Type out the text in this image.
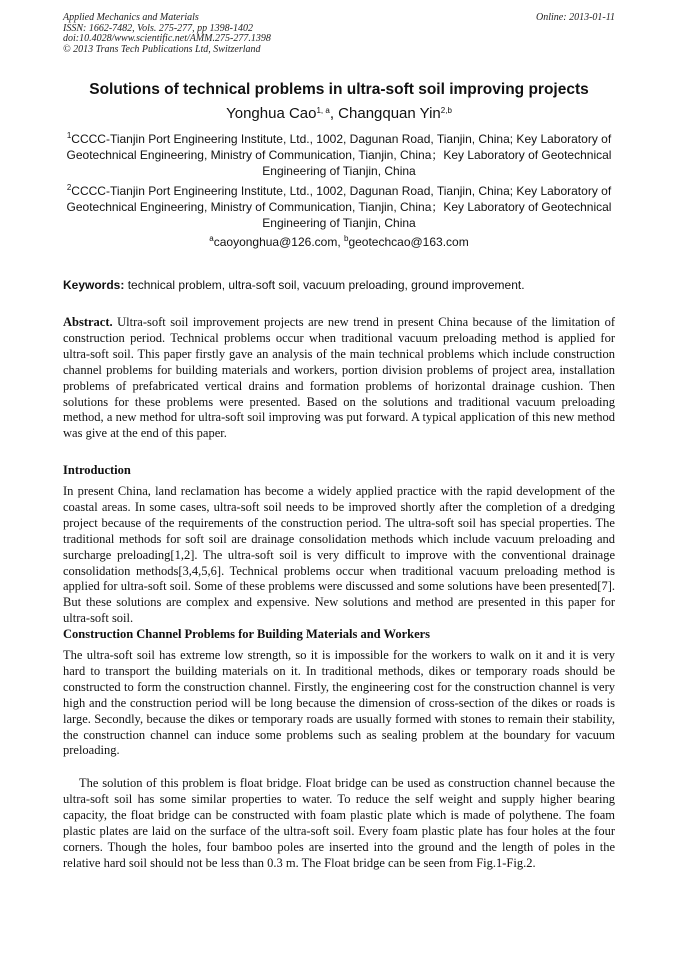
Applied Mechanics and Materials
ISSN: 1662-7482, Vols. 275-277, pp 1398-1402
doi:10.4028/www.scientific.net/AMM.275-277.1398
© 2013 Trans Tech Publications Ltd, Switzerland
Online: 2013-01-11
Solutions of technical problems in ultra-soft soil improving projects
Yonghua Cao$^{1, a}$, Changquan Yin$^{2,b}$
$^1$CCCC-Tianjin Port Engineering Institute, Ltd., 1002, Dagunan Road, Tianjin, China; Key Laboratory of Geotechnical Engineering, Ministry of Communication, Tianjin, China；Key Laboratory of Geotechnical Engineering of Tianjin, China
$^2$CCCC-Tianjin Port Engineering Institute, Ltd., 1002, Dagunan Road, Tianjin, China; Key Laboratory of Geotechnical Engineering, Ministry of Communication, Tianjin, China；Key Laboratory of Geotechnical Engineering of Tianjin, China
$^a$caoyonghua@126.com, $^b$geotechcao@163.com
Keywords: technical problem, ultra-soft soil, vacuum preloading, ground improvement.
Abstract. Ultra-soft soil improvement projects are new trend in present China because of the limitation of construction period. Technical problems occur when traditional vacuum preloading method is applied for ultra-soft soil. This paper firstly gave an analysis of the main technical problems which include construction channel problems for building materials and workers, portion division problems of project area, installation problems of prefabricated vertical drains and formation problems of horizontal drainage cushion. Then solutions for these problems were presented. Based on the solutions and traditional vacuum preloading method, a new method for ultra-soft soil improving was put forward. A typical application of this new method was give at the end of this paper.
Introduction

In present China, land reclamation has become a widely applied practice with the rapid development of the coastal areas. In some cases, ultra-soft soil needs to be improved shortly after the completion of a dredging project because of the requirements of the construction period. The ultra-soft soil has special properties. The traditional methods for soft soil are drainage consolidation methods which include vacuum preloading and surcharge preloading[1,2]. The ultra-soft soil is very difficult to improve with the conventional drainage consolidation methods[3,4,5,6]. Technical problems occur when traditional vacuum preloading method is applied for ultra-soft soil. Some of these problems were discussed and some solutions have been presented[7]. But these solutions are complex and expensive. New solutions and method are presented in this paper for ultra-soft soil.

Construction Channel Problems for Building Materials and Workers

The ultra-soft soil has extreme low strength, so it is impossible for the workers to walk on it and it is very hard to transport the building materials on it. In traditional methods, dikes or temporary roads should be constructed to form the construction channel. Firstly, the engineering cost for the construction channel is very high and the construction period will be long because the dimension of cross-section of the dikes or roads is large. Secondly, because the dikes or temporary roads are usually formed with stones to remain their stability, the construction channel can induce some problems such as sealing problem at the boundary for vacuum preloading.

The solution of this problem is float bridge. Float bridge can be used as construction channel because the ultra-soft soil has some similar properties to water. To reduce the self weight and supply higher bearing capacity, the float bridge can be constructed with foam plastic plate which is made of polythene. The foam plastic plates are laid on the surface of the ultra-soft soil. Every foam plastic plate has four holes at the four corners. Though the holes, four bamboo poles are inserted into the ground and the length of poles in the relative hard soil should not be less than 0.3 m. The Float bridge can be seen from Fig.1-Fig.2.
